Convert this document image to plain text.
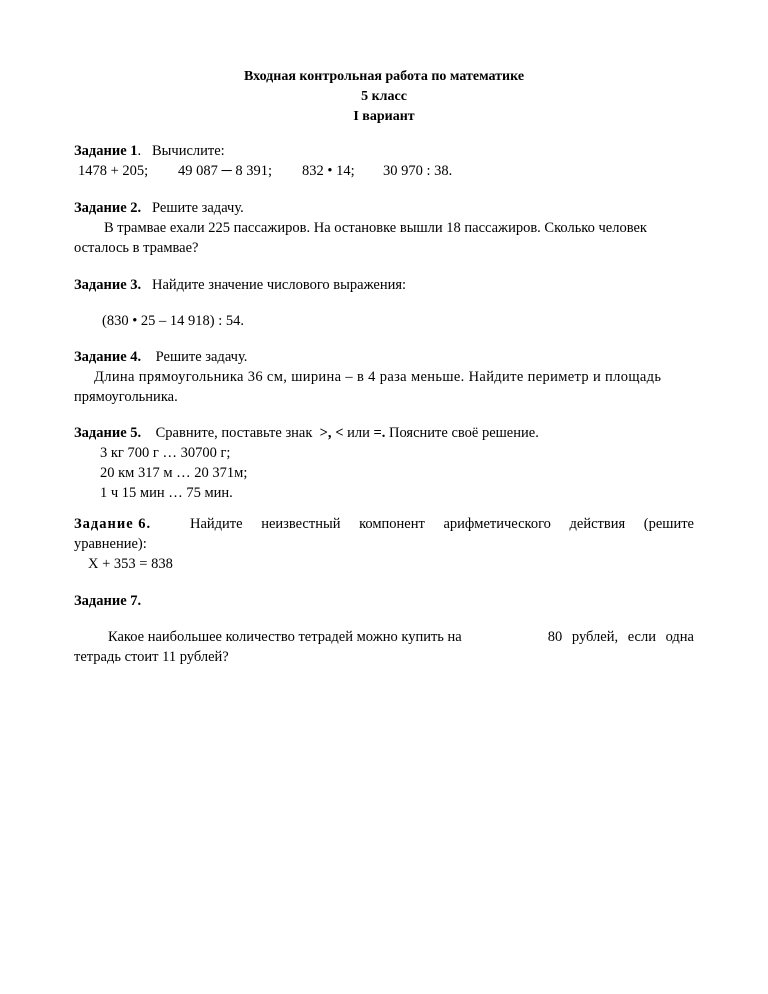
Входная контрольная работа по математике
5 класс
I вариант
Задание 1. Вычислите:
1478 + 205; 49 087 ─ 8 391; 832 • 14; 30 970 : 38.
Задание 2. Решите задачу.
В трамвае ехали 225 пассажиров. На остановке вышли 18 пассажиров. Сколько человек
осталось в трамвае?
Задание 3. Найдите значение числового выражения:
(830 • 25 – 14 918) : 54.
Задание 4. Решите задачу.
Длина прямоугольника 36 см, ширина – в 4 раза меньше. Найдите периметр и площадь
прямоугольника.
Задание 5. Сравните, поставьте знак >, < или =. Поясните своё решение.
3 кг 700 г … 30700 г;
20 км 317 м … 20 371м;
1 ч 15 мин … 75 мин.
Задание 6.	Найдите неизвестный компонент арифметического действия (решите
уравнение):
Х + 353 = 838
Задание 7.
Какое наибольшее количество тетрадей можно купить на	80 рублей, если одна
тетрадь стоит 11 рублей?
